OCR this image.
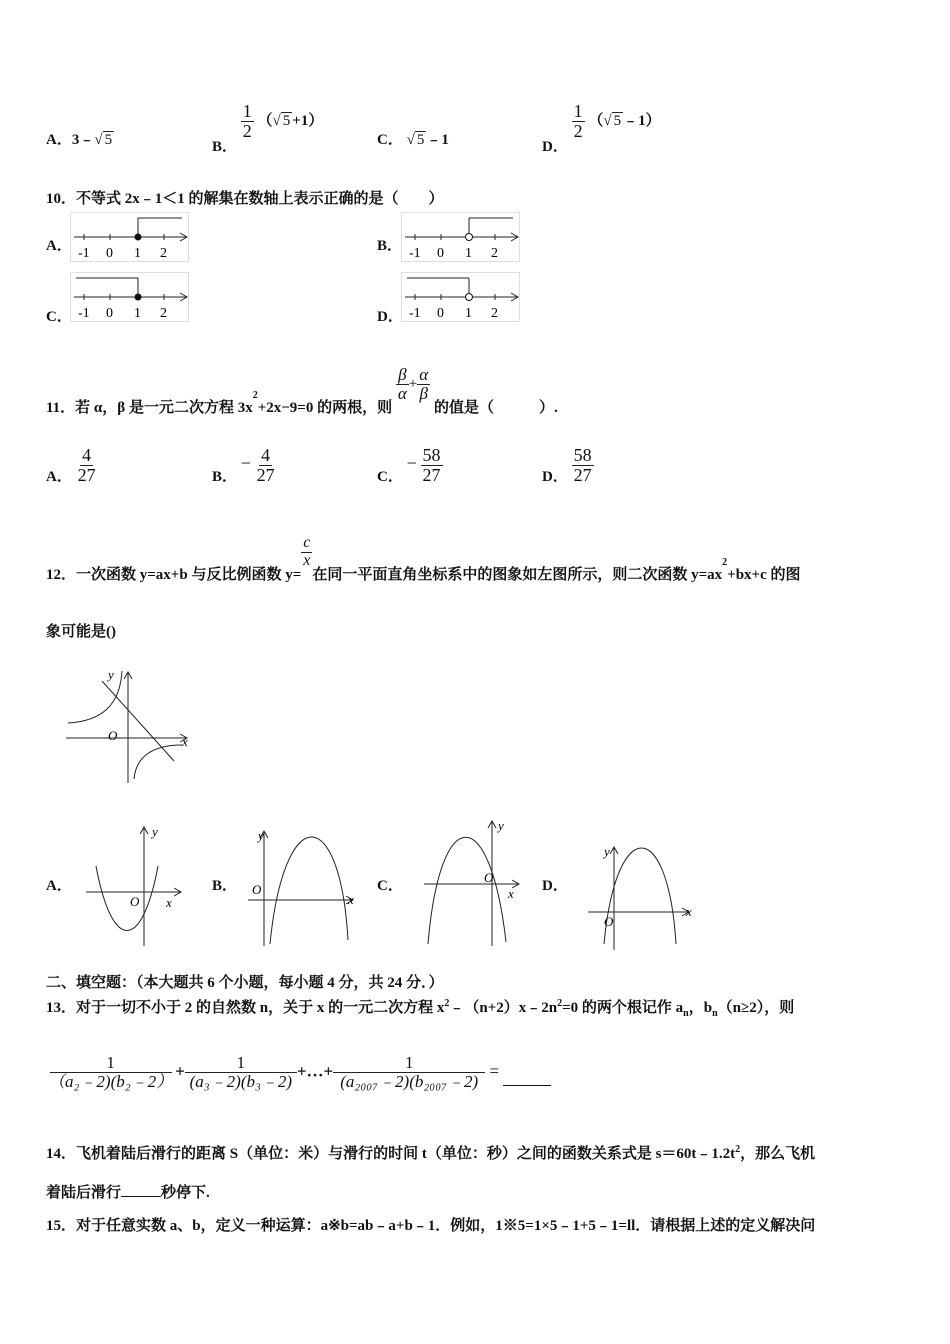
A．3﹣√ 5	B．
$\frac{1}{2}$ （√ 5 +1）
C． √ 5 ﹣1	D．
$\frac{1}{2}$ （√ 5 ﹣1）
10．不等式 2x﹣1＜1 的解集在数轴上表示正确的是（　　）
A．	B．
C．	D．
-1 0 1 2	-1 0 1 2
-1 0 1 2	-1 0 1 2
11．若 α，β 是一元二次方程 $3x^2+2x-9=0$ 的两根，则
$\frac{\beta}{\alpha} + \frac{\alpha}{\beta}$
的值是（　　　）.
A． $\frac{4}{27}$	B． − $\frac{4}{27}$	C． − $\frac{58}{27}$	D． $\frac{58}{27}$
12．一次函数 y=ax+b 与反比例函数 y=
$\frac{c}{x}$
在同一平面直角坐标系中的图象如左图所示，则二次函数 y=ax2+bx+c 的图
象可能是()
x
y
O
A．	B．	C．	D．
x
y
O	x
y
O	x
y
O
x
y
O
二、填空题：（本大题共 6 个小题，每小题 4 分，共 24 分．）
13．对于一切不小于 2 的自然数 n，关于 x 的一元二次方程 $x^2﹣(n+2)x﹣2n^2=0$ 的两个根记作 $a_n$，$b_n(n\ge 2)$，则
$\frac{1}{\text{（a₂﹣2)(b₂﹣2）}} + \frac{1}{\text{(a₃﹣2)(b₃﹣2)}}$ +…+ $\frac{1}{\text{(a₂₀₀₇﹣2)(b₂₀₀₇﹣2)}}$ =
14．飞机着陆后滑行的距离 S（单位：米）与滑行的时间 t（单位：秒）之间的函数关系式是 $s=60t﹣1.2t^2$，那么飞机
着陆后滑行	秒停下.
15．对于任意实数 a、b，定义一种运算：a※b=ab﹣a+b﹣1．例如，1※5=1×5﹣1+5﹣1=ll．请根据上述的定义解决问
